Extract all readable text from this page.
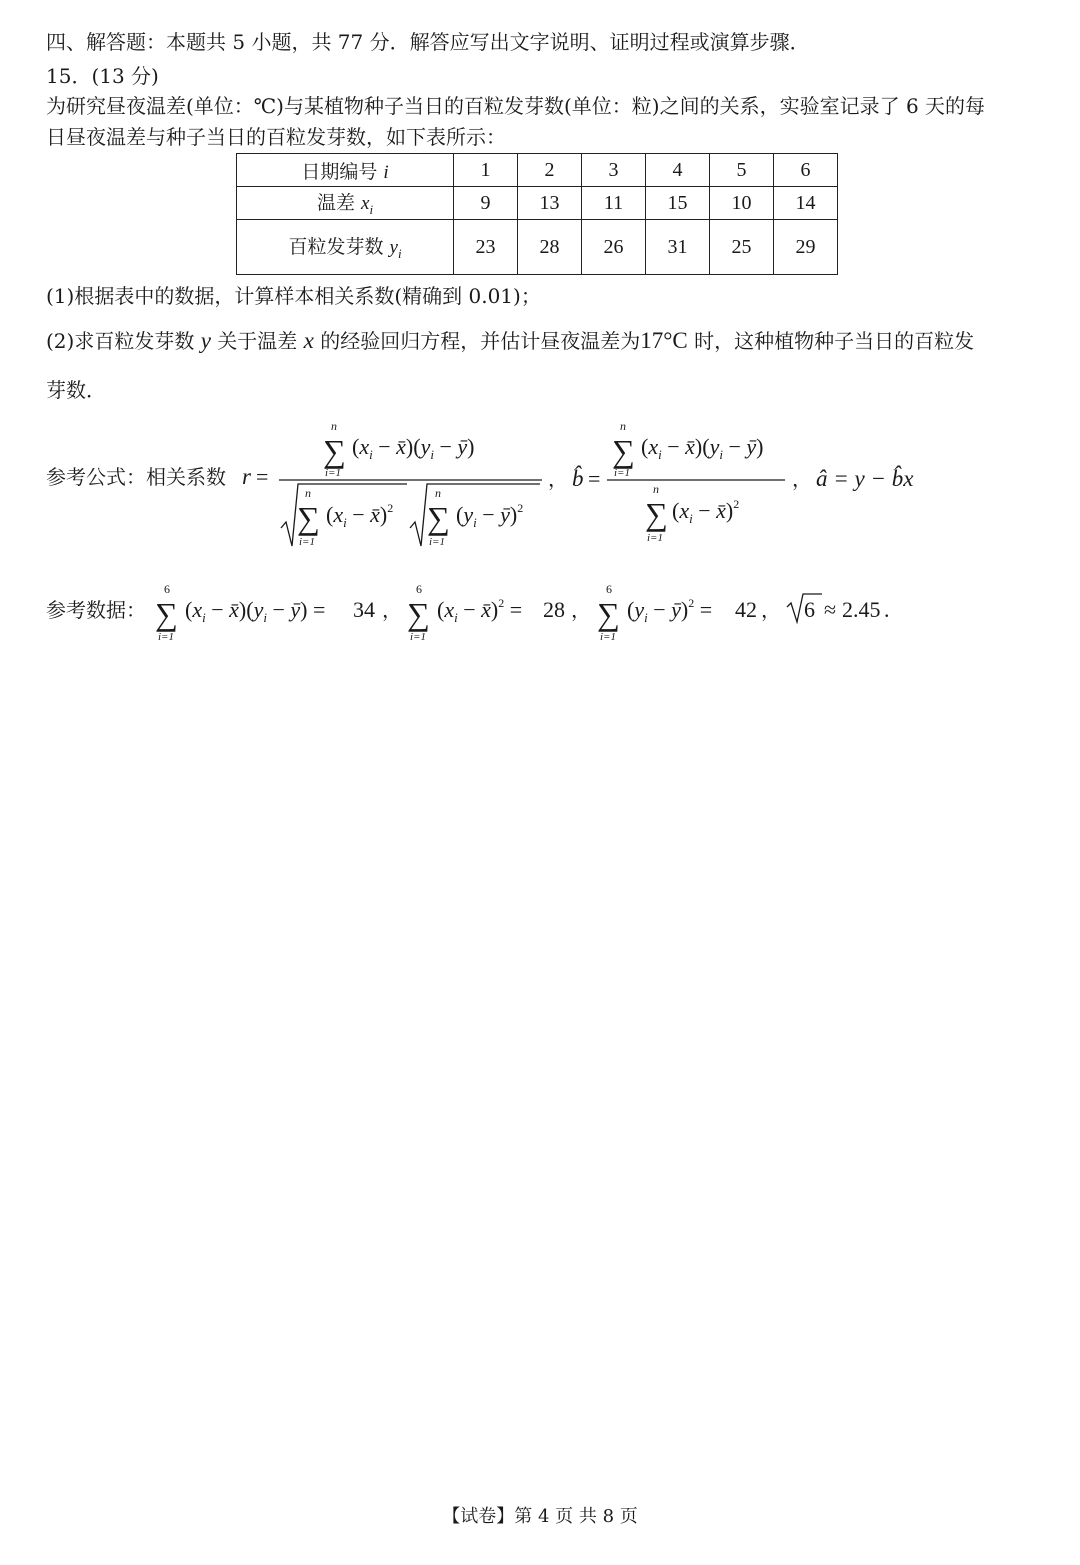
四、解答题：本题共 5 小题，共 77 分．解答应写出文字说明、证明过程或演算步骤．
15．(13 分)
为研究昼夜温差(单位：℃)与某植物种子当日的百粒发芽数(单位：粒)之间的关系，实验室记录了 6 天的每
日昼夜温差与种子当日的百粒发芽数，如下表所示：
日期编号 i	1	2	3	4	5	6
温差 $x_i$	9	13	11	15	10	14
百粒发芽数 $y_i$	23	28	26	31	25	29
(1)根据表中的数据，计算样本相关系数(精确到 0.01)；
(2)求百粒发芽数 y 关于温差 x 的经验回归方程，并估计昼夜温差为17°C 时，这种植物种子当日的百粒发
芽数．
参考公式：相关系数 r =
n
∑
i=1
($x_i$ − $x̄)(y_i$ − ȳ)
n
∑
i=1
($x_i$ − x̄)$^2$
n
∑
i=1
($y_i$ − ȳ)$^2$
， b̂ =
n
∑
i=1
($x_i$ − $x̄)(y_i$ − ȳ)
n
∑
i=1
($x_i$ − x̄)$^2$
， â = y − b̂x
参考数据：
6
∑
i=1
($x_i$ − $x̄)(y_i$ − ȳ) = 34 ，
6
∑
i=1
($x_i$ − x̄)$^2$ = 28 ，
6
∑
i=1
($y_i$ − ȳ)$^2$ = 42 ， 6 ≈ 2.45 .
【试卷】第 4 页 共 8 页
